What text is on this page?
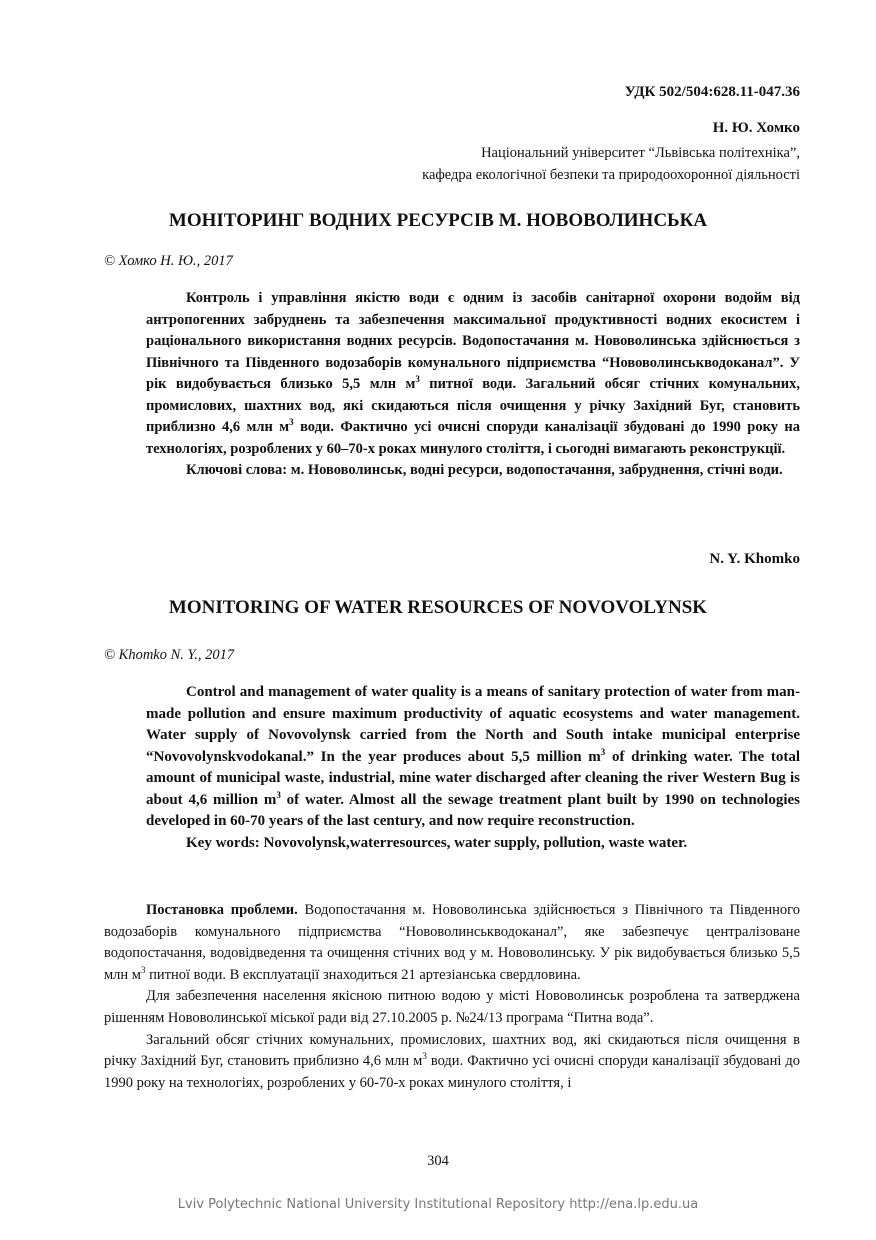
УДК 502/504:628.11-047.36
Н. Ю. Хомко
Національний університет “Львівська політехніка”,
кафедра екологічної безпеки та природоохоронної діяльності
МОНІТОРИНГ ВОДНИХ РЕСУРСІВ М. НОВОВОЛИНСЬКА
© Хомко Н. Ю., 2017

Контроль і управління якістю води є одним із засобів санітарної охорони водойм від антропогенних забруднень та забезпечення максимальної продуктивності водних екосистем і раціонального використання водних ресурсів. Водопостачання м. Нововолинська здійснюється з Північного та Південного водозаборів комунального підприємства “Нововолинськводоканал”. У рік видобувається близько 5,5 млн $м^3$ питної води. Загальний обсяг стічних комунальних, промислових, шахтних вод, які скидаються після очищення у річку Західний Буг, становить приблизно 4,6 млн $м^3$ води. Фактично усі очисні споруди каналізації збудовані до 1990 року на технологіях, розроблених у 60–70-х роках минулого століття, і сьогодні вимагають реконструкції.

Ключові слова: м. Нововолинськ, водні ресурси, водопостачання, забруднення, стічні води.

N. Y. Khomko
MONITORING OF WATER RESOURCES OF NOVOVOLYNSK
© Khomko N. Y., 2017

Control and management of water quality is a means of sanitary protection of water from man-made pollution and ensure maximum productivity of aquatic ecosystems and water management. Water supply of Novovolynsk carried from the North and South intake municipal enterprise “Novovolynskvodokanal.” In the year produces about 5,5 million $m^3$ of drinking water. The total amount of municipal waste, industrial, mine water discharged after cleaning the river Western Bug is about 4,6 million $m^3$ of water. Almost all the sewage treatment plant built by 1990 on technologies developed in 60-70 years of the last century, and now require reconstruction.

Key words: Novovolynsk,waterresources, water supply, pollution, waste water.

Постановка проблеми. Водопостачання м. Нововолинська здійснюється з Північного та Південного водозаборів комунального підприємства “Нововолинськводоканал”, яке забезпечує централізоване водопостачання, водовідведення та очищення стічних вод у м. Нововолинську. У рік видобувається близько 5,5 млн $м^3$ питної води. В експлуатації знаходиться 21 артезіанська свердловина.

Для забезпечення населення якісною питною водою у місті Нововолинськ розроблена та затверджена рішенням Нововолинської міської ради від 27.10.2005 р. №24/13 програма “Питна вода”.

Загальний обсяг стічних комунальних, промислових, шахтних вод, які скидаються після очищення в річку Західний Буг, становить приблизно 4,6 млн $м^3$ води. Фактично усі очисні споруди каналізації збудовані до 1990 року на технологіях, розроблених у 60-70-х роках минулого століття, і

304
Lviv Polytechnic National University Institutional Repository http://ena.lp.edu.ua
